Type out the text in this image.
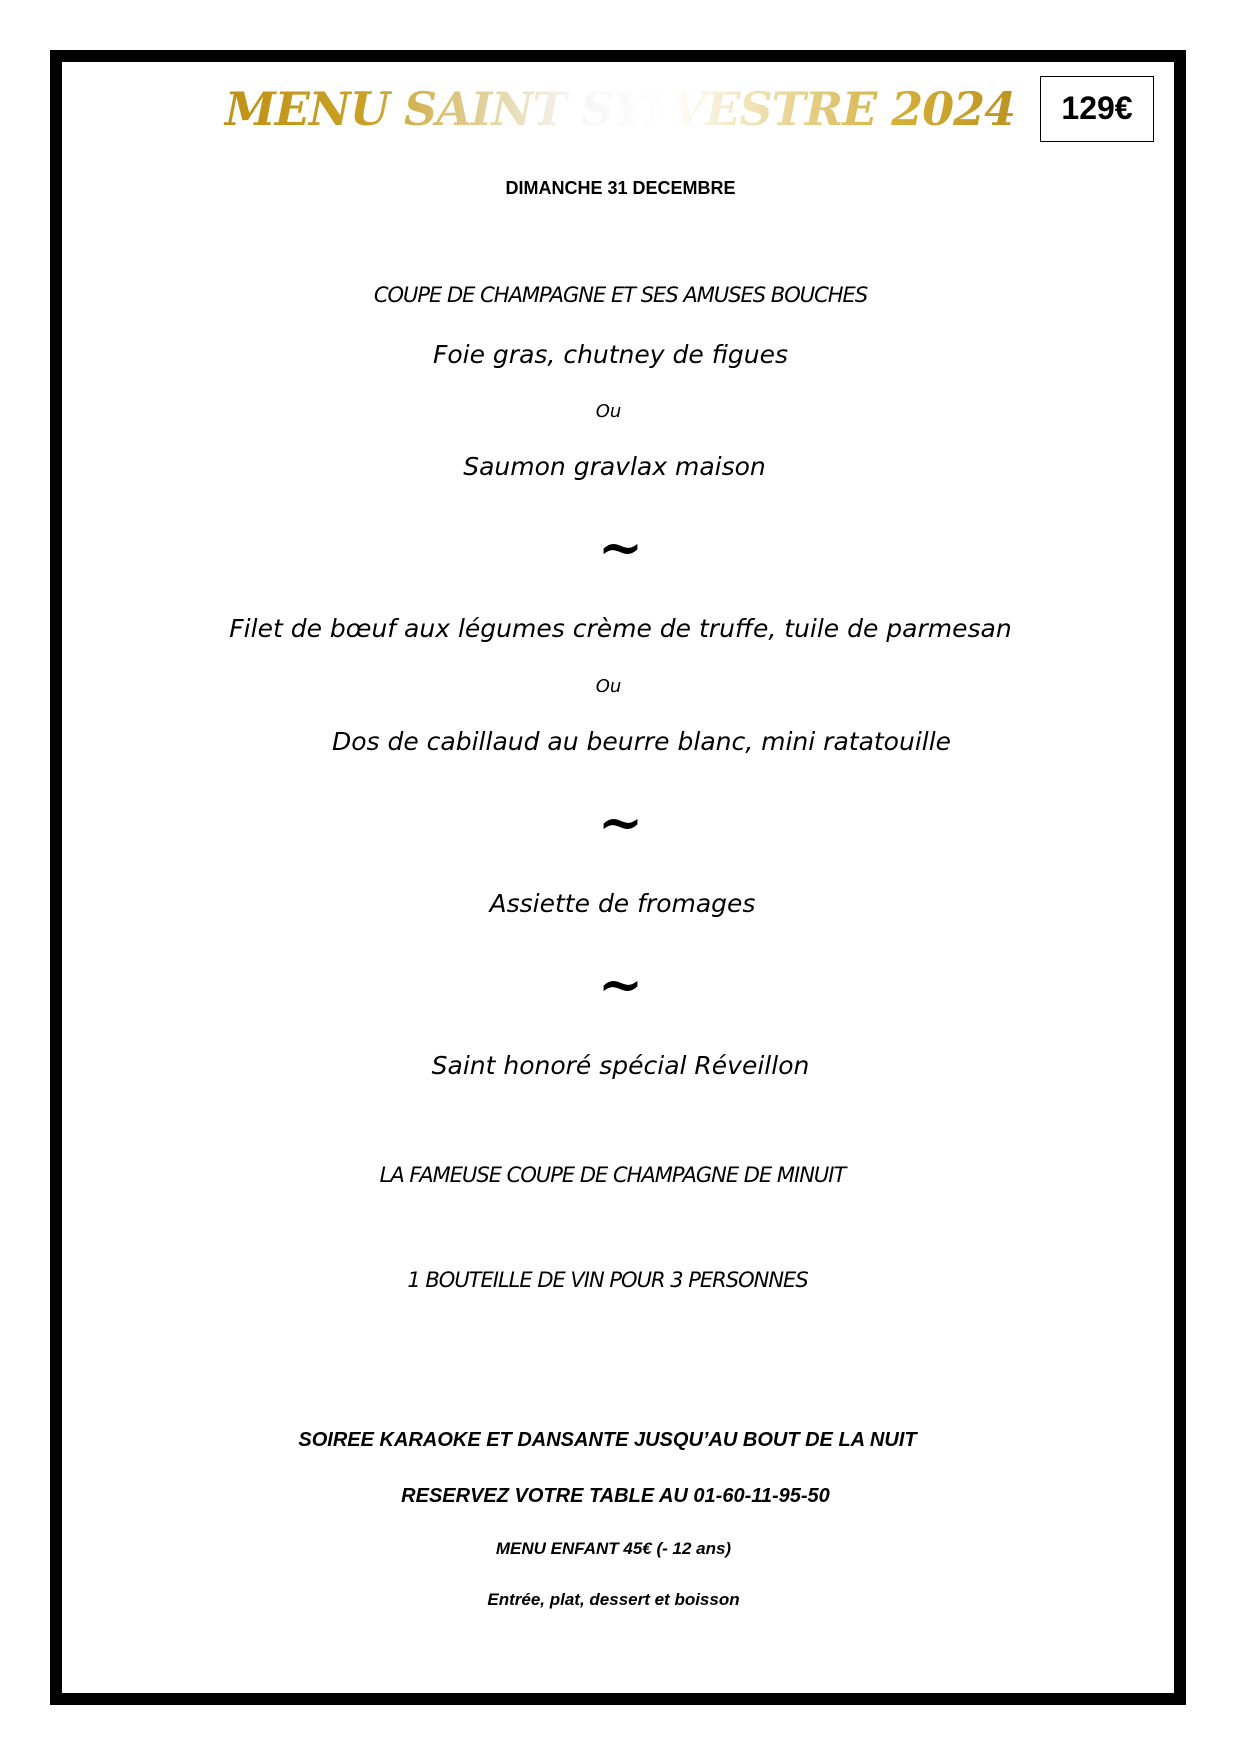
MENU SAINT SYLVESTRE 2024	129€
DIMANCHE 31 DECEMBRE
COUPE DE CHAMPAGNE ET SES AMUSES BOUCHES
Foie gras, chutney de figues
Ou
Saumon gravlax maison
~
Filet de bœuf aux légumes crème de truffe, tuile de parmesan
Ou
Dos de cabillaud au beurre blanc, mini ratatouille
~
Assiette de fromages
~
Saint honoré spécial Réveillon
LA FAMEUSE COUPE DE CHAMPAGNE DE MINUIT
1 BOUTEILLE DE VIN POUR 3 PERSONNES
SOIREE KARAOKE ET DANSANTE JUSQU’AU BOUT DE LA NUIT
RESERVEZ VOTRE TABLE AU 01-60-11-95-50
MENU ENFANT 45€ (- 12 ans)
Entrée, plat, dessert et boisson
